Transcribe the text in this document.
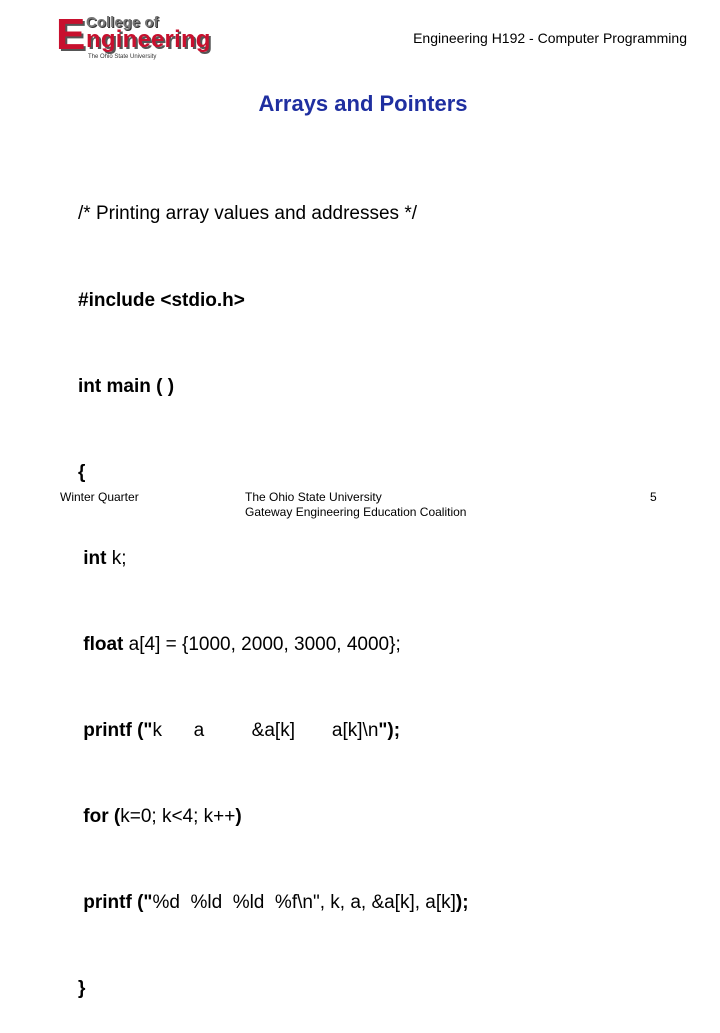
E College of
ngineering
The Ohio State University
Engineering H192 - Computer Programming
Arrays and Pointers

/* Printing array values and addresses */

#include <stdio.h>

int main ( )

{

int k;

float a[4] = {1000, 2000, 3000, 4000};

printf ("k      a         &a[k]       a[k]\n");

for (k=0; k<4; k++)

printf ("%d  %ld  %ld  %f\n", k, a, &a[k], a[k]);

}

Winter Quarter	The Ohio State University
Gateway Engineering Education Coalition
5
